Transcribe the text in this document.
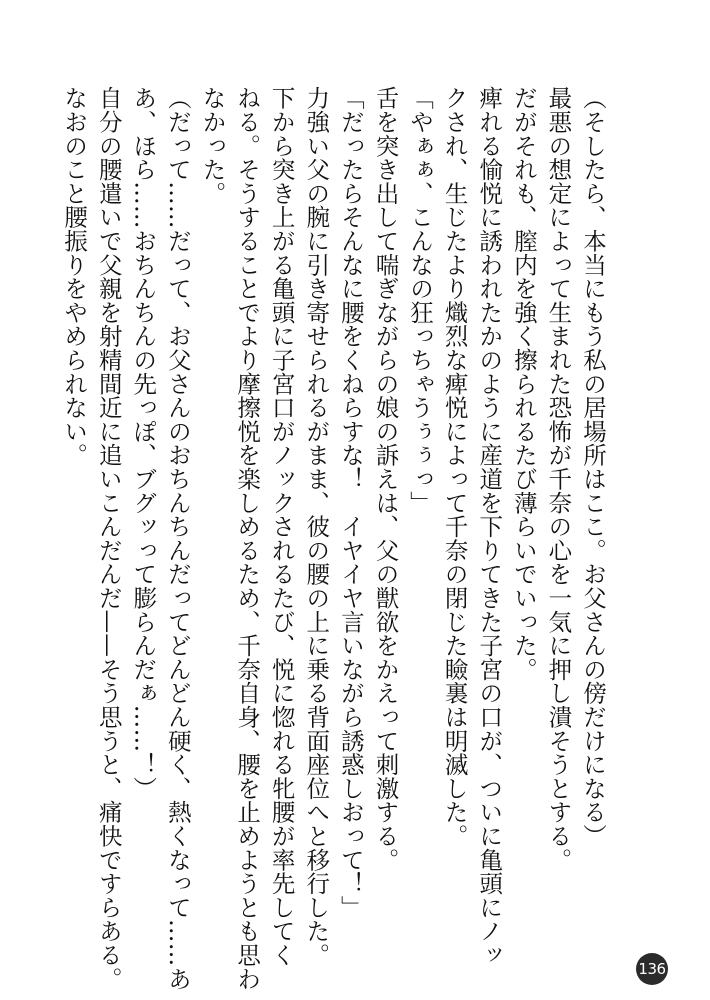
（そしたら、本当にもう私の居場所はここ。お父さんの傍だけになる）

最悪の想定によって生まれた恐怖が千奈の心を一気に押し潰そうとする。

だがそれも、膣内を強く擦られるたび薄らいでいった。

痺れる愉悦に誘われたかのように産道を下りてきた子宮の口が、ついに亀頭にノッ

クされ、生じたより熾烈な痺悦によって千奈の閉じた瞼裏は明滅した。

「やぁぁ、こんなの狂っちゃうぅぅっ」

舌を突き出して喘ぎながらの娘の訴えは、父の獣欲をかえって刺激する。

「だったらそんなに腰をくねらすな！　イヤイヤ言いながら誘惑しおって！」

力強い父の腕に引き寄せられるがまま、彼の腰の上に乗る背面座位へと移行した。

下から突き上がる亀頭に子宮口がノックされるたび、悦に惚れる牝腰が率先してく

ねる。そうすることでより摩擦悦を楽しめるため、千奈自身、腰を止めようとも思わ

なかった。

（だって……だって、お父さんのおちんちんだってどんどん硬く、熱くなって……あ

あ、ほら……おちんちんの先っぽ、ブグッって膨らんだぁ……！）

自分の腰遣いで父親を射精間近に追いこんだんだ——そう思うと、痛快ですらある。

なおのこと腰振りをやめられない。

136
